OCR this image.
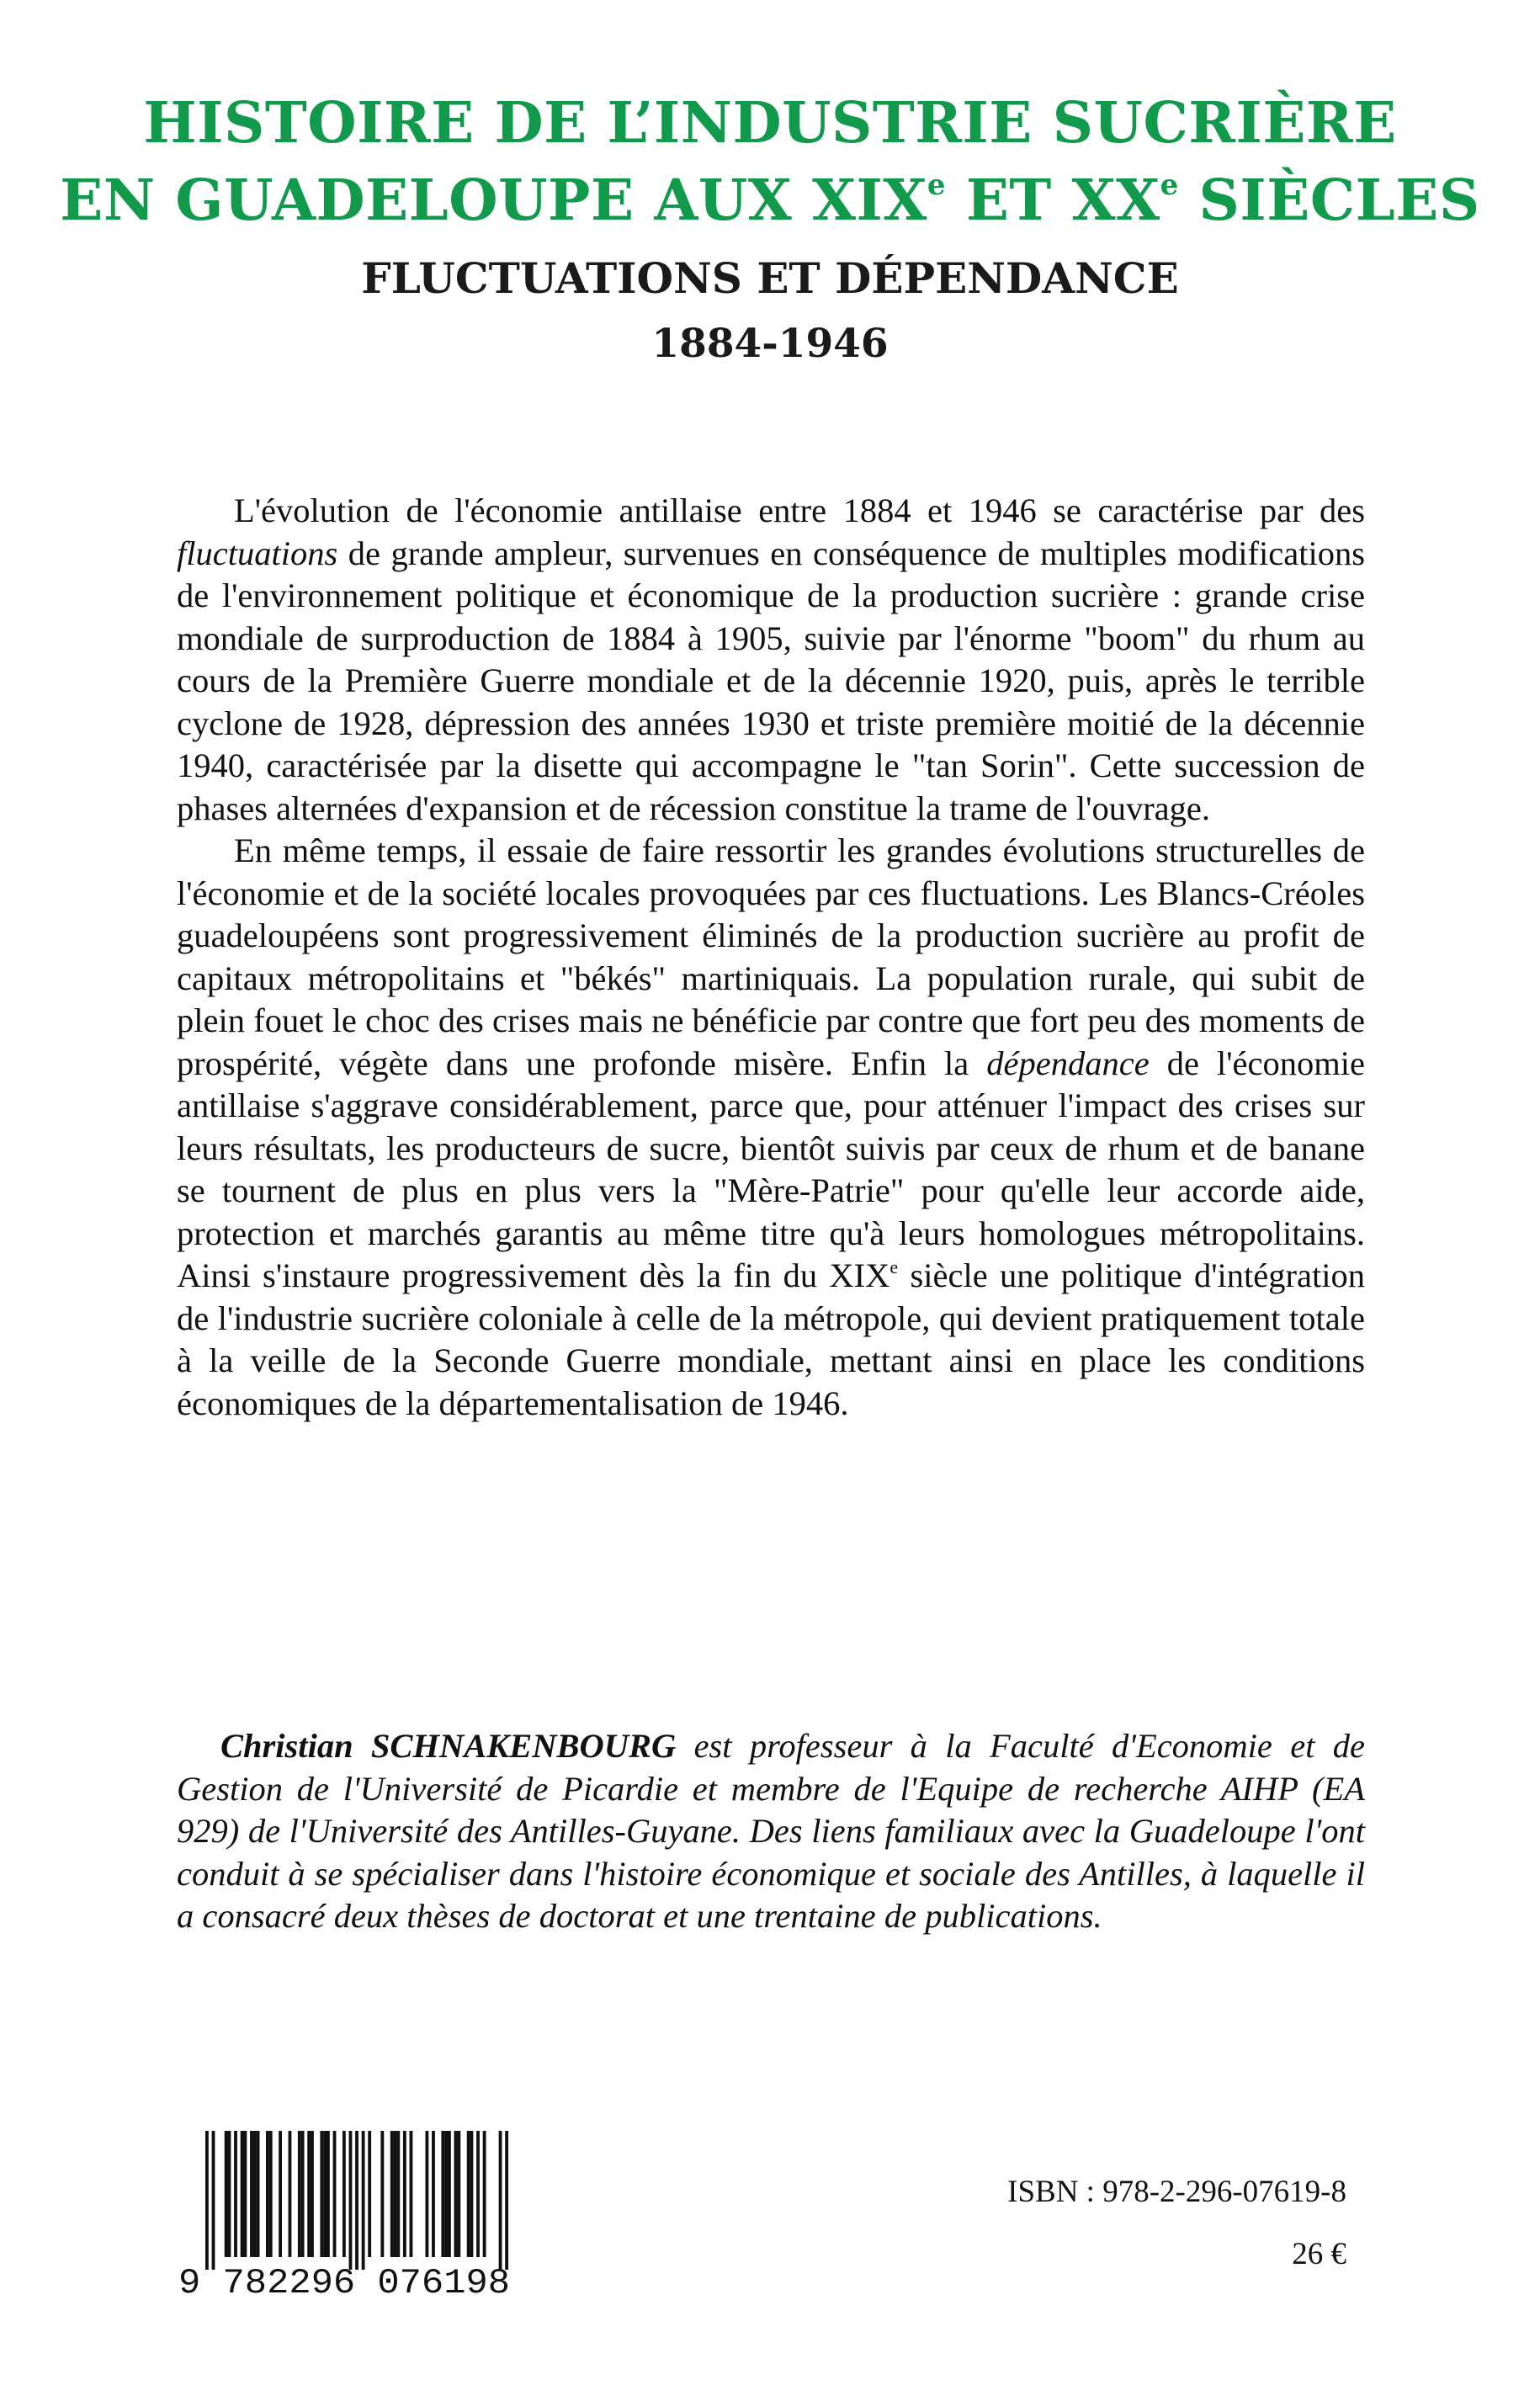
HISTOIRE DE L’INDUSTRIE SUCRIÈRE
EN GUADELOUPE AUX XIXe ET XXe SIÈCLES
FLUCTUATIONS ET DÉPENDANCE
1884-1946

L'évolution de l'économie antillaise entre 1884 et 1946 se caractérise par des fluctuations de grande ampleur, survenues en conséquence de multiples modifications de l'environnement politique et économique de la production sucrière : grande crise mondiale de surproduction de 1884 à 1905, suivie par l'énorme "boom" du rhum au cours de la Première Guerre mondiale et de la décennie 1920, puis, après le terrible cyclone de 1928, dépression des années 1930 et triste première moitié de la décennie 1940, caractérisée par la disette qui accompagne le "tan Sorin". Cette succession de phases alternées d'expansion et de récession constitue la trame de l'ouvrage.

En même temps, il essaie de faire ressortir les grandes évolutions structurelles de l'économie et de la société locales provoquées par ces fluctuations. Les Blancs-Créoles guadeloupéens sont progressivement éliminés de la production sucrière au profit de capitaux métropolitains et "békés" martiniquais. La population rurale, qui subit de plein fouet le choc des crises mais ne bénéficie par contre que fort peu des moments de prospérité, végète dans une profonde misère. Enfin la dépendance de l'économie antillaise s'aggrave considérablement, parce que, pour atténuer l'impact des crises sur leurs résultats, les producteurs de sucre, bientôt suivis par ceux de rhum et de banane se tournent de plus en plus vers la "Mère-Patrie" pour qu'elle leur accorde aide, protection et marchés garantis au même titre qu'à leurs homologues métropolitains. Ainsi s'instaure progressivement dès la fin du XIXe siècle une politique d'intégration de l'industrie sucrière coloniale à celle de la métropole, qui devient pratiquement totale à la veille de la Seconde Guerre mondiale, mettant ainsi en place les conditions économiques de la départementalisation de 1946.

Christian SCHNAKENBOURG est professeur à la Faculté d'Economie et de Gestion de l'Université de Picardie et membre de l'Equipe de recherche AIHP (EA 929) de l'Université des Antilles-Guyane. Des liens familiaux avec la Guadeloupe l'ont conduit à se spécialiser dans l'histoire économique et sociale des Antilles, à laquelle il a consacré deux thèses de doctorat et une trentaine de publications.

9 782296 076198
ISBN : 978-2-296-07619-8
26 €
